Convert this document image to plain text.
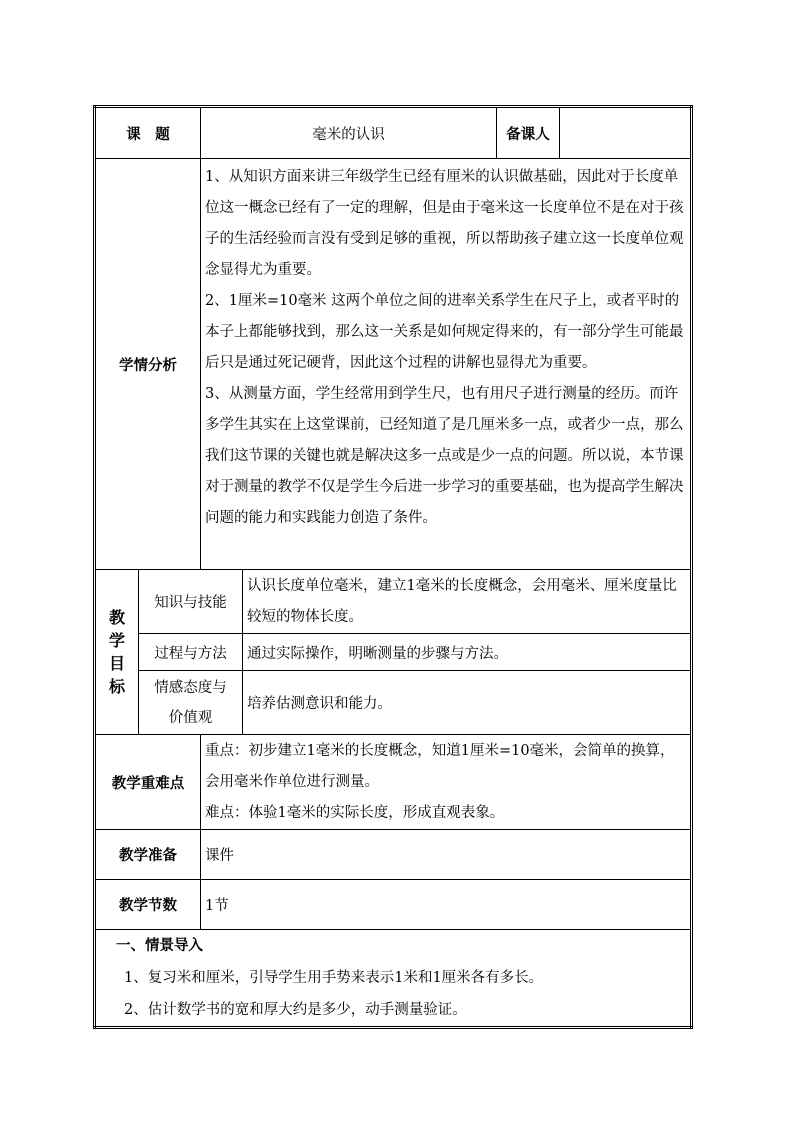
课　题		毫米的认识		备课人	
学情分析		1、从知识方面来讲三年级学生已经有厘米的认识做基础，因此对于长度单位这一概念已经有了一定的理解，但是由于毫米这一长度单位不是在对于孩子的生活经验而言没有受到足够的重视，所以帮助孩子建立这一长度单位观念显得尤为重要。

2、1厘米=10毫米 这两个单位之间的进率关系学生在尺子上，或者平时的本子上都能够找到，那么这一关系是如何规定得来的，有一部分学生可能最后只是通过死记硬背，因此这个过程的讲解也显得尤为重要。

3、从测量方面，学生经常用到学生尺，也有用尺子进行测量的经历。而许多学生其实在上这堂课前，已经知道了是几厘米多一点，或者少一点，那么我们这节课的关键也就是解决这多一点或是少一点的问题。所以说，本节课对于测量的教学不仅是学生今后进一步学习的重要基础，也为提高学生解决问题的能力和实践能力创造了条件。			

教学目标	知识与技能		认识长度单位毫米，建立1毫米的长度概念，会用毫米、厘米度量比较短的物体长度。		

	过程与方法		通过实际操作，明晰测量的步骤与方法。		
	情感态度与价值观		培养估测意识和能力。		
教学重难点		重点：初步建立1毫米的长度概念，知道1厘米=10毫米，会简单的换算，会用毫米作单位进行测量。

难点：体验1毫米的实际长度，形成直观表象。			

教学准备		课件			
教学节数		1节			

一、情景导入

1、复习米和厘米，引导学生用手势来表示1米和1厘米各有多长。

2、估计数学书的宽和厚大约是多少，动手测量验证。					
